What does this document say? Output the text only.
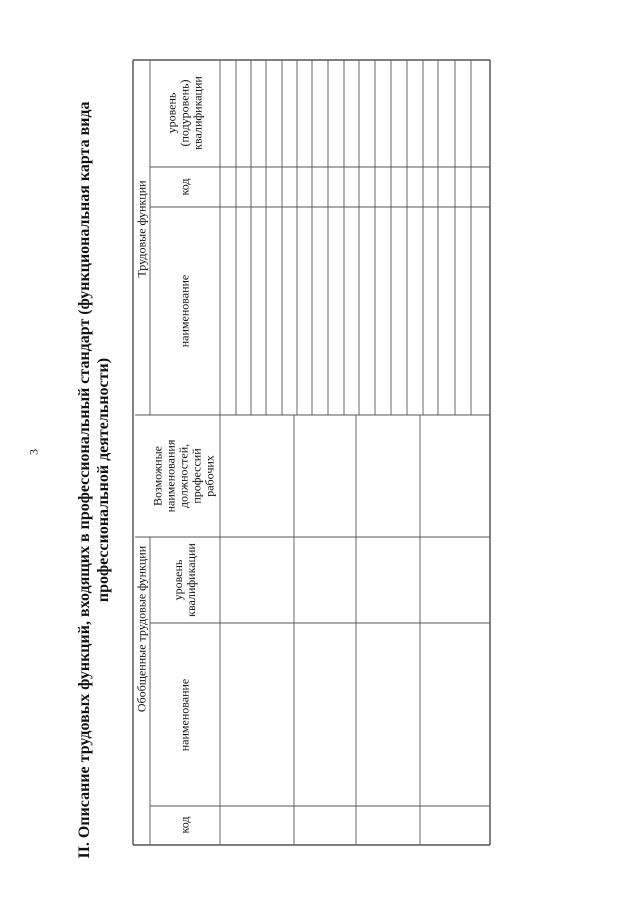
3 II. Описание трудовых функций, входящих в профессиональный стандарт (функциональная карта вида профессиональной деятельности)
Обобщенные трудовые функции
Трудовые функции
код
наименование
уровень квалификации
Возможные наименования должностей, профессий рабочих
наименование
код
уровень (подуровень) квалификации
